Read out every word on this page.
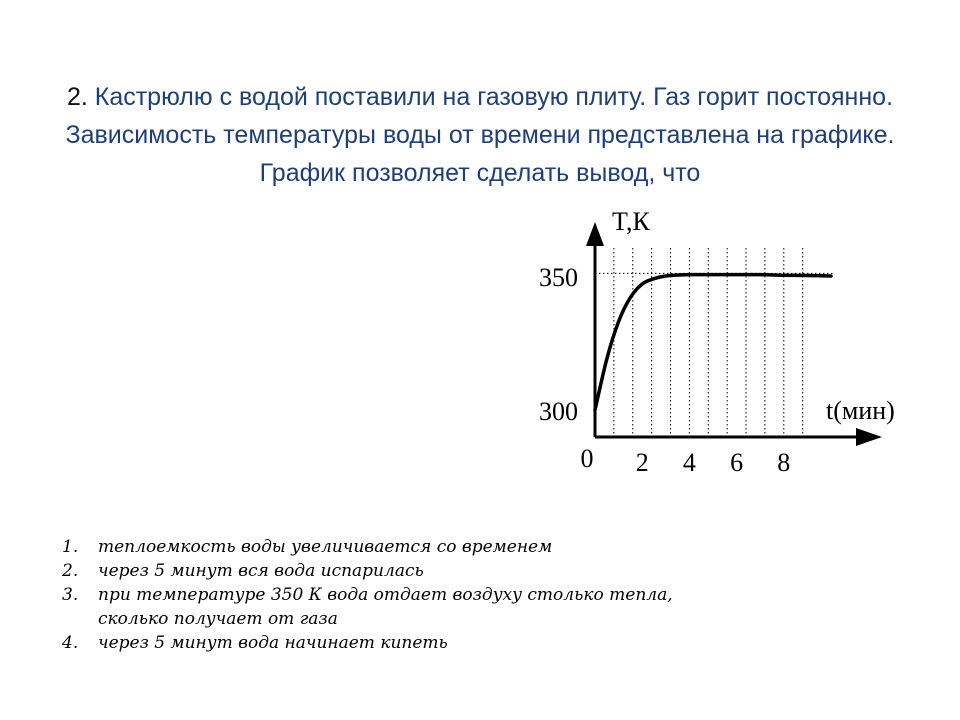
2. Кастрюлю с водой поставили на газовую плиту. Газ горит постоянно. Зависимость температуры воды от времени представлена на графике. График позволяет сделать вывод, что
T,К
t(мин)
300
350
0 2 4 6 8
1. теплоемкость воды увеличивается со временем
2. через 5 минут вся вода испарилась
3. при температуре 350 К вода отдает воздуху столько тепла,
сколько получает от газа
4. через 5 минут вода начинает кипеть
